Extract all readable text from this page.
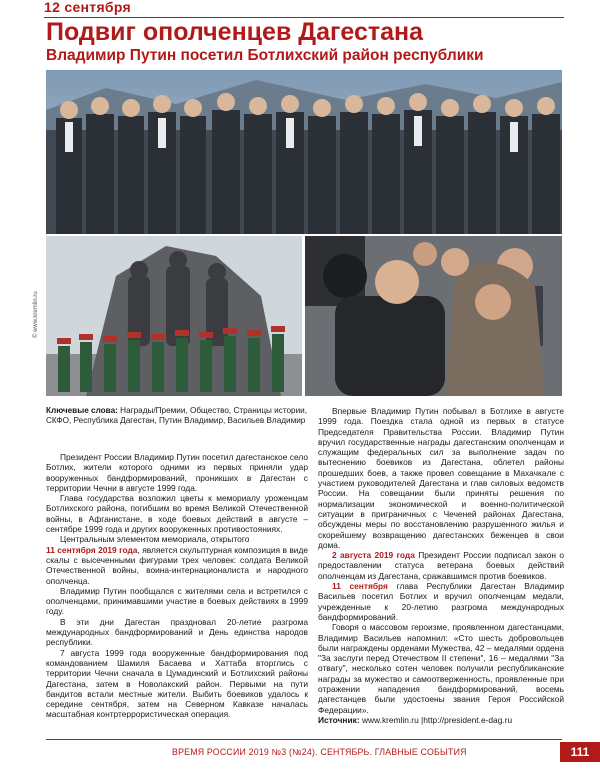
12 сентября
Подвиг ополченцев Дагестана
Владимир Путин посетил Ботлихский район республики
© www.kremlin.ru
Ключевые слова: Награды/Премии, Общество, Страницы истории, СКФО, Республика Дагестан, Путин Владимир, Васильев Владимир

Президент России Владимир Путин посетил дагестанское село Ботлих, жители которого одними из первых приняли удар вооруженных бандформирований, проникших в Дагестан с территории Чечни в августе 1999 года.

Глава государства возложил цветы к мемориалу уроженцам Ботлихского района, погибшим во время Великой Отечественной войны, в Афганистане, в ходе боевых действий в августе – сентябре 1999 года и других вооруженных противостояниях.

Центральным элементом мемориала, открытого

11 сентября 2019 года, является скульптурная композиция в виде скалы с высеченными фигурами трех человек: солдата Великой Отечественной войны, воина-интернационалиста и народного ополченца.

Владимир Путин пообщался с жителями села и встретился с ополченцами, принимавшими участие в боевых действиях в 1999 году.

В эти дни Дагестан праздновал 20-летие разгрома международных бандформирований и День единства народов республики.

7 августа 1999 года вооруженные бандформирования под командованием Шамиля Басаева и Хаттаба вторглись с территории Чечни сначала в Цумадинский и Ботлихский районы Дагестана, затем в Новолакский район. Первыми на пути бандитов встали местные жители. Выбить боевиков удалось к середине сентября, затем на Северном Кавказе началась масштабная контртеррористическая операция.

Впервые Владимир Путин побывал в Ботлихе в августе 1999 года. Поездка стала одной из первых в статусе Председателя Правительства России. Владимир Путин вручил государственные награды дагестанским ополченцам и служащим федеральных сил за выполнение задач по вытеснению боевиков из Дагестана, облетел районы прошедших боев, а также провел совещание в Махачкале с участием руководителей Дагестана и глав силовых ведомств России. На совещании были приняты решения по нормализации экономической и военно-политической ситуации в приграничных с Чеченей районах Дагестана, обсуждены меры по восстановлению разрушенного жилья и скорейшему возвращению дагестанских беженцев в свои дома.

2 августа 2019 года Президент России подписал закон о предоставлении статуса ветерана боевых действий ополченцам из Дагестана, сражавшимся против боевиков.

11 сентября глава Республики Дагестан Владимир Васильев посетил Ботлих и вручил ополченцам медали, учрежденные к 20-летию разгрома международных бандформирований.

Говоря о массовом героизме, проявленном дагестанцами, Владимир Васильев напомнил: «Сто шесть добровольцев были награждены орденами Мужества, 42 – медалями ордена "За заслуги перед Отечеством II степени", 16 – медалями "За отвагу", несколько сотен человек получили республиканские награды за мужество и самоотверженность, проявленные при отражении нападения бандформирований, восемь дагестанцев были удостоены звания Героя Российской Федерации».

Источник: www.kremlin.ru |http://president.e-dag.ru

ВРЕМЯ РОССИИ 2019 №3 (№24). СЕНТЯБРЬ. ГЛАВНЫЕ СОБЫТИЯ	111
